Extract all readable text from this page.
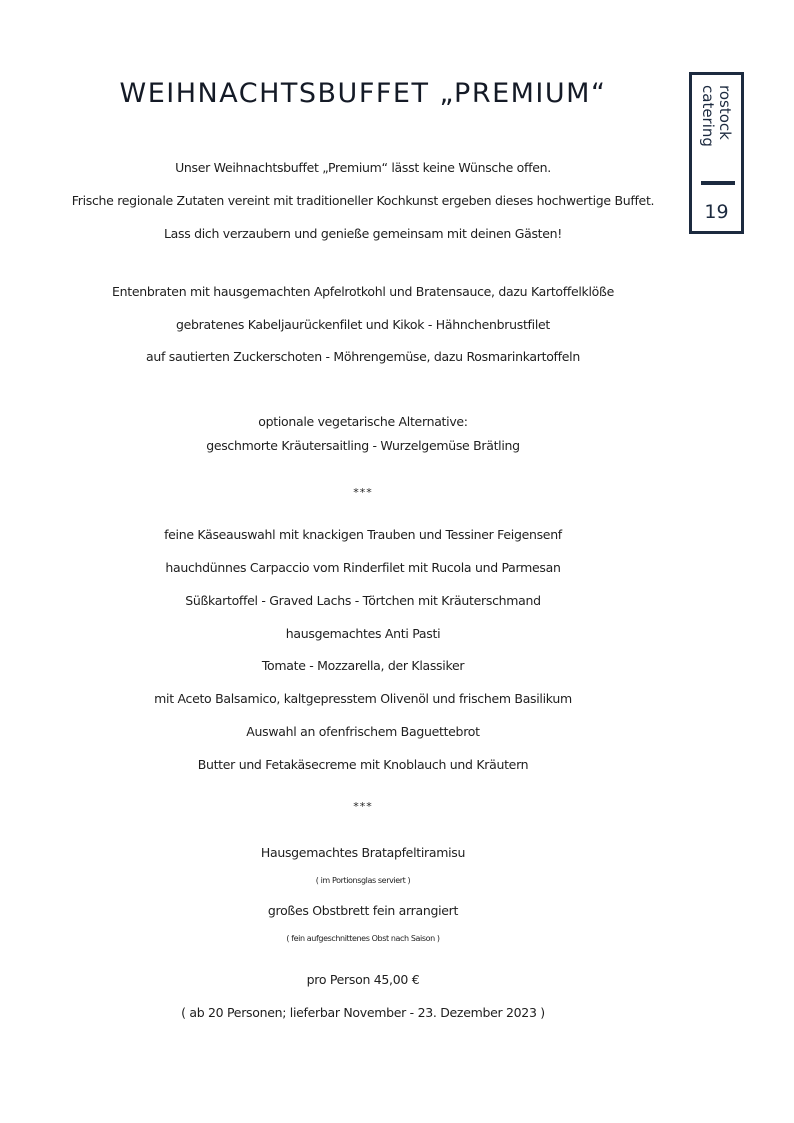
WEIHNACHTSBUFFET „PREMIUM“	rostock
catering
19
Unser Weihnachtsbuffet „Premium“ lässt keine Wünsche offen.
Frische regionale Zutaten vereint mit traditioneller Kochkunst ergeben dieses hochwertige Buffet.
Lass dich verzaubern und genieße gemeinsam mit deinen Gästen!
Entenbraten mit hausgemachten Apfelrotkohl und Bratensauce, dazu Kartoffelklöße
gebratenes Kabeljaurückenfilet und Kikok - Hähnchenbrustfilet
auf sautierten Zuckerschoten - Möhrengemüse, dazu Rosmarinkartoffeln
optionale vegetarische Alternative:
geschmorte Kräutersaitling - Wurzelgemüse Brätling
***
feine Käseauswahl mit knackigen Trauben und Tessiner Feigensenf
hauchdünnes Carpaccio vom Rinderfilet mit Rucola und Parmesan
Süßkartoffel - Graved Lachs - Törtchen mit Kräuterschmand
hausgemachtes Anti Pasti
Tomate - Mozzarella, der Klassiker
mit Aceto Balsamico, kaltgepresstem Olivenöl und frischem Basilikum
Auswahl an ofenfrischem Baguettebrot
Butter und Fetakäsecreme mit Knoblauch und Kräutern
***
Hausgemachtes Bratapfeltiramisu
( im Portionsglas serviert )
großes Obstbrett fein arrangiert
( fein aufgeschnittenes Obst nach Saison )
pro Person 45,00 €
( ab 20 Personen; lieferbar November - 23. Dezember 2023 )
